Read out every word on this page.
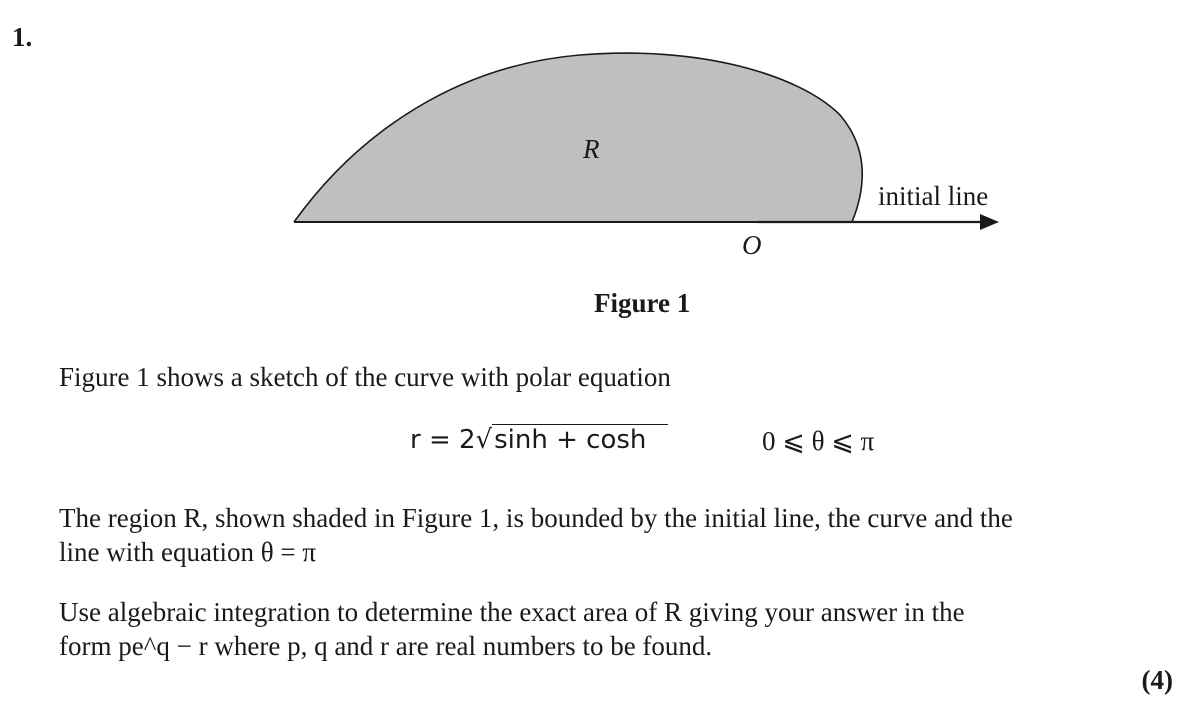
1.
R
initial line
O
Figure 1
Figure 1 shows a sketch of the curve with polar equation
r = 2√sinh + cosh	0 ⩽ θ ⩽ π
The region R, shown shaded in Figure 1, is bounded by the initial line, the curve and the
line with equation θ = π
Use algebraic integration to determine the exact area of R giving your answer in the
form pe^q − r where p, q and r are real numbers to be found.
(4)
